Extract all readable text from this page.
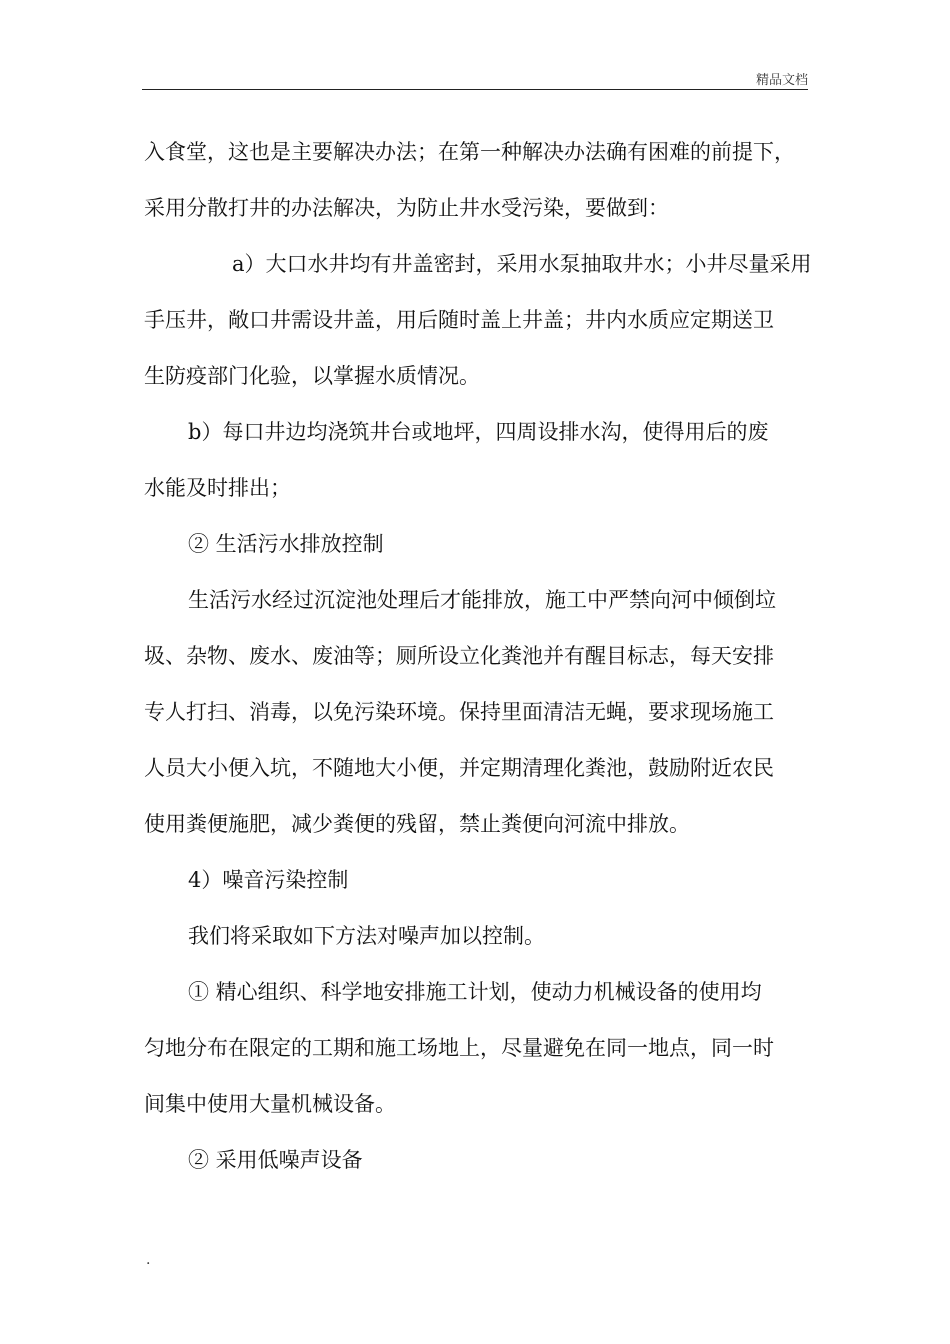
精品文档
入食堂，这也是主要解决办法；在第一种解决办法确有困难的前提下，
采用分散打井的办法解决，为防止井水受污染，要做到：
a）大口水井均有井盖密封，采用水泵抽取井水；小井尽量采用
手压井，敞口井需设井盖，用后随时盖上井盖；井内水质应定期送卫
生防疫部门化验，以掌握水质情况。
b）每口井边均浇筑井台或地坪，四周设排水沟，使得用后的废
水能及时排出；
② 生活污水排放控制
生活污水经过沉淀池处理后才能排放，施工中严禁向河中倾倒垃
圾、杂物、废水、废油等；厕所设立化粪池并有醒目标志，每天安排
专人打扫、消毒，以免污染环境。保持里面清洁无蝇，要求现场施工
人员大小便入坑，不随地大小便，并定期清理化粪池，鼓励附近农民
使用粪便施肥，减少粪便的残留，禁止粪便向河流中排放。
4）噪音污染控制
我们将采取如下方法对噪声加以控制。
① 精心组织、科学地安排施工计划，使动力机械设备的使用均
匀地分布在限定的工期和施工场地上，尽量避免在同一地点，同一时
间集中使用大量机械设备。
② 采用低噪声设备
.
